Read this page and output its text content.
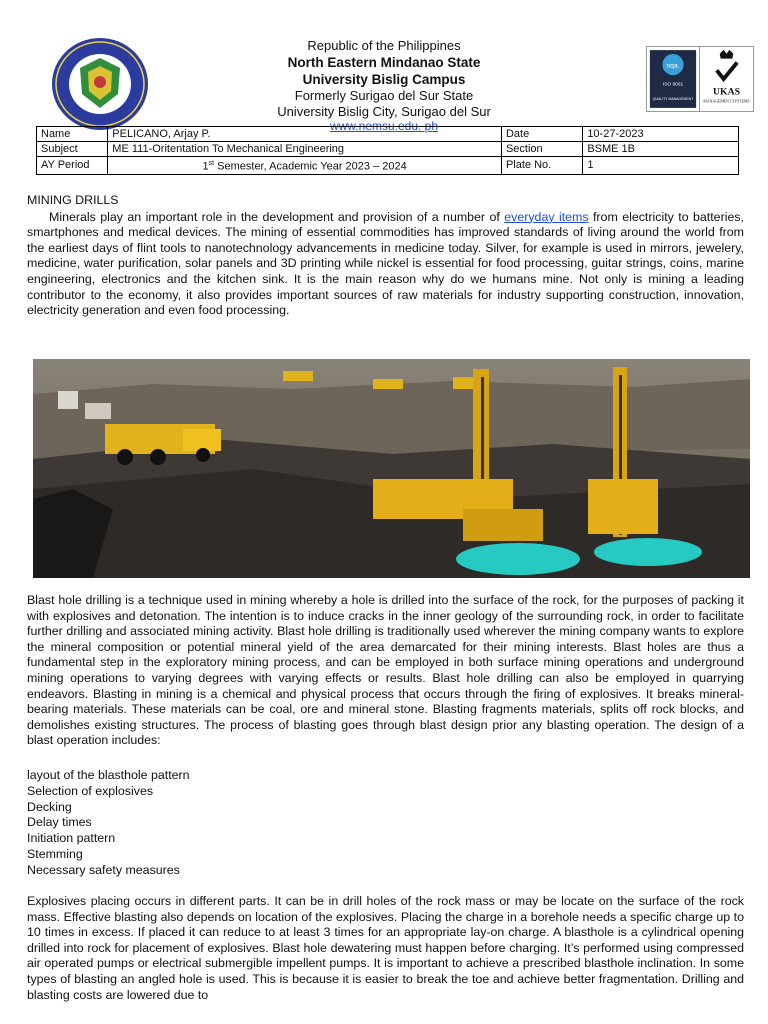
Republic of the Philippines
North Eastern Mindanao State
University Bislig Campus
Formerly Surigao del Sur State
University Bislig City, Surigao del Sur
www.nemsu.edu. ph
nqa.
ISO 9001
QUALITY MANAGEMENT
UKAS
MANAGEMENT SYSTEMS
Name	PELICANO, Arjay P.	Date	10-27-2023
Subject	ME 111-Oritentation To Mechanical Engineering	Section	BSME 1B
AY Period	1st Semester, Academic Year 2023 – 2024	Plate No.	1
MINING DRILLS

Minerals play an important role in the development and provision of a number of everyday items from electricity to batteries, smartphones and medical devices. The mining of essential commodities has improved standards of living around the world from the earliest days of flint tools to nanotechnology advancements in medicine today. Silver, for example is used in mirrors, jewelery, medicine, water purification, solar panels and 3D printing while nickel is essential for food processing, guitar strings, coins, marine engineering, electronics and the kitchen sink. It is the main reason why do we humans mine. Not only is mining a leading contributor to the economy, it also provides important sources of raw materials for industry supporting construction, innovation, electricity generation and even food processing.

Blast hole drilling is a technique used in mining whereby a hole is drilled into the surface of the rock, for the purposes of packing it with explosives and detonation. The intention is to induce cracks in the inner geology of the surrounding rock, in order to facilitate further drilling and associated mining activity. Blast hole drilling is traditionally used wherever the mining company wants to explore the mineral composition or potential mineral yield of the area demarcated for their mining interests. Blast holes are thus a fundamental step in the exploratory mining process, and can be employed in both surface mining operations and underground mining operations to varying degrees with varying effects or results. Blast hole drilling can also be employed in quarrying endeavors. Blasting in mining is a chemical and physical process that occurs through the firing of explosives. It breaks mineral-bearing materials. These materials can be coal, ore and mineral stone. Blasting fragments materials, splits off rock blocks, and demolishes existing structures. The process of blasting goes through blast design prior any blasting operation. The design of a blast operation includes:
layout of the blasthole pattern
Selection of explosives
Decking
Delay times
Initiation pattern
Stemming
Necessary safety measures
Explosives placing occurs in different parts. It can be in drill holes of the rock mass or may be locate on the surface of the rock mass. Effective blasting also depends on location of the explosives. Placing the charge in a borehole needs a specific charge up to 10 times in excess. If placed it can reduce to at least 3 times for an appropriate lay-on charge. A blasthole is a cylindrical opening drilled into rock for placement of explosives. Blast hole dewatering must happen before charging. It’s performed using compressed air operated pumps or electrical submergible impellent pumps. It is important to achieve a prescribed blasthole inclination. In some types of blasting an angled hole is used. This is because it is easier to break the toe and achieve better fragmentation. Drilling and blasting costs are lowered due to
